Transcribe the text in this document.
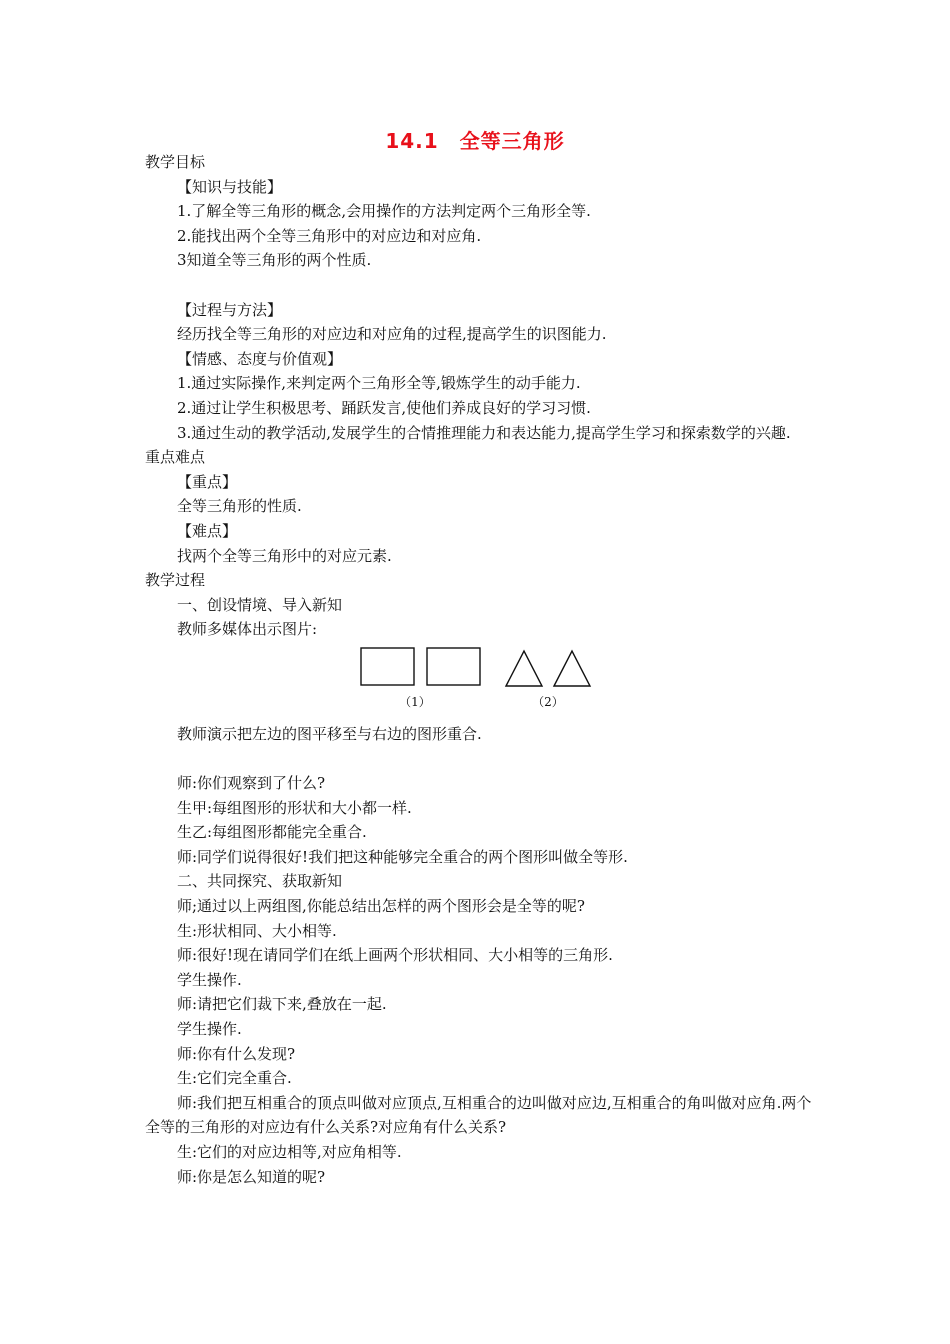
14.1　全等三角形
教学目标
【知识与技能】
1.了解全等三角形的概念,会用操作的方法判定两个三角形全等.
2.能找出两个全等三角形中的对应边和对应角.
3知道全等三角形的两个性质.
【过程与方法】
经历找全等三角形的对应边和对应角的过程,提高学生的识图能力.
【情感、态度与价值观】
1.通过实际操作,来判定两个三角形全等,锻炼学生的动手能力.
2.通过让学生积极思考、踊跃发言,使他们养成良好的学习习惯.
3.通过生动的教学活动,发展学生的合情推理能力和表达能力,提高学生学习和探索数学的兴趣.
重点难点
【重点】
全等三角形的性质.
【难点】
找两个全等三角形中的对应元素.
教学过程
一、创设情境、导入新知
教师多媒体出示图片:
（1）	（2）
教师演示把左边的图平移至与右边的图形重合.
师:你们观察到了什么?
生甲:每组图形的形状和大小都一样.
生乙:每组图形都能完全重合.
师:同学们说得很好!我们把这种能够完全重合的两个图形叫做全等形.
二、共同探究、获取新知
师;通过以上两组图,你能总结出怎样的两个图形会是全等的呢?
生:形状相同、大小相等.
师:很好!现在请同学们在纸上画两个形状相同、大小相等的三角形.
学生操作.
师:请把它们裁下来,叠放在一起.
学生操作.
师:你有什么发现?
生:它们完全重合.
师:我们把互相重合的顶点叫做对应顶点,互相重合的边叫做对应边,互相重合的角叫做对应角.两个全等的三角形的对应边有什么关系?对应角有什么关系?
生:它们的对应边相等,对应角相等.
师:你是怎么知道的呢?
